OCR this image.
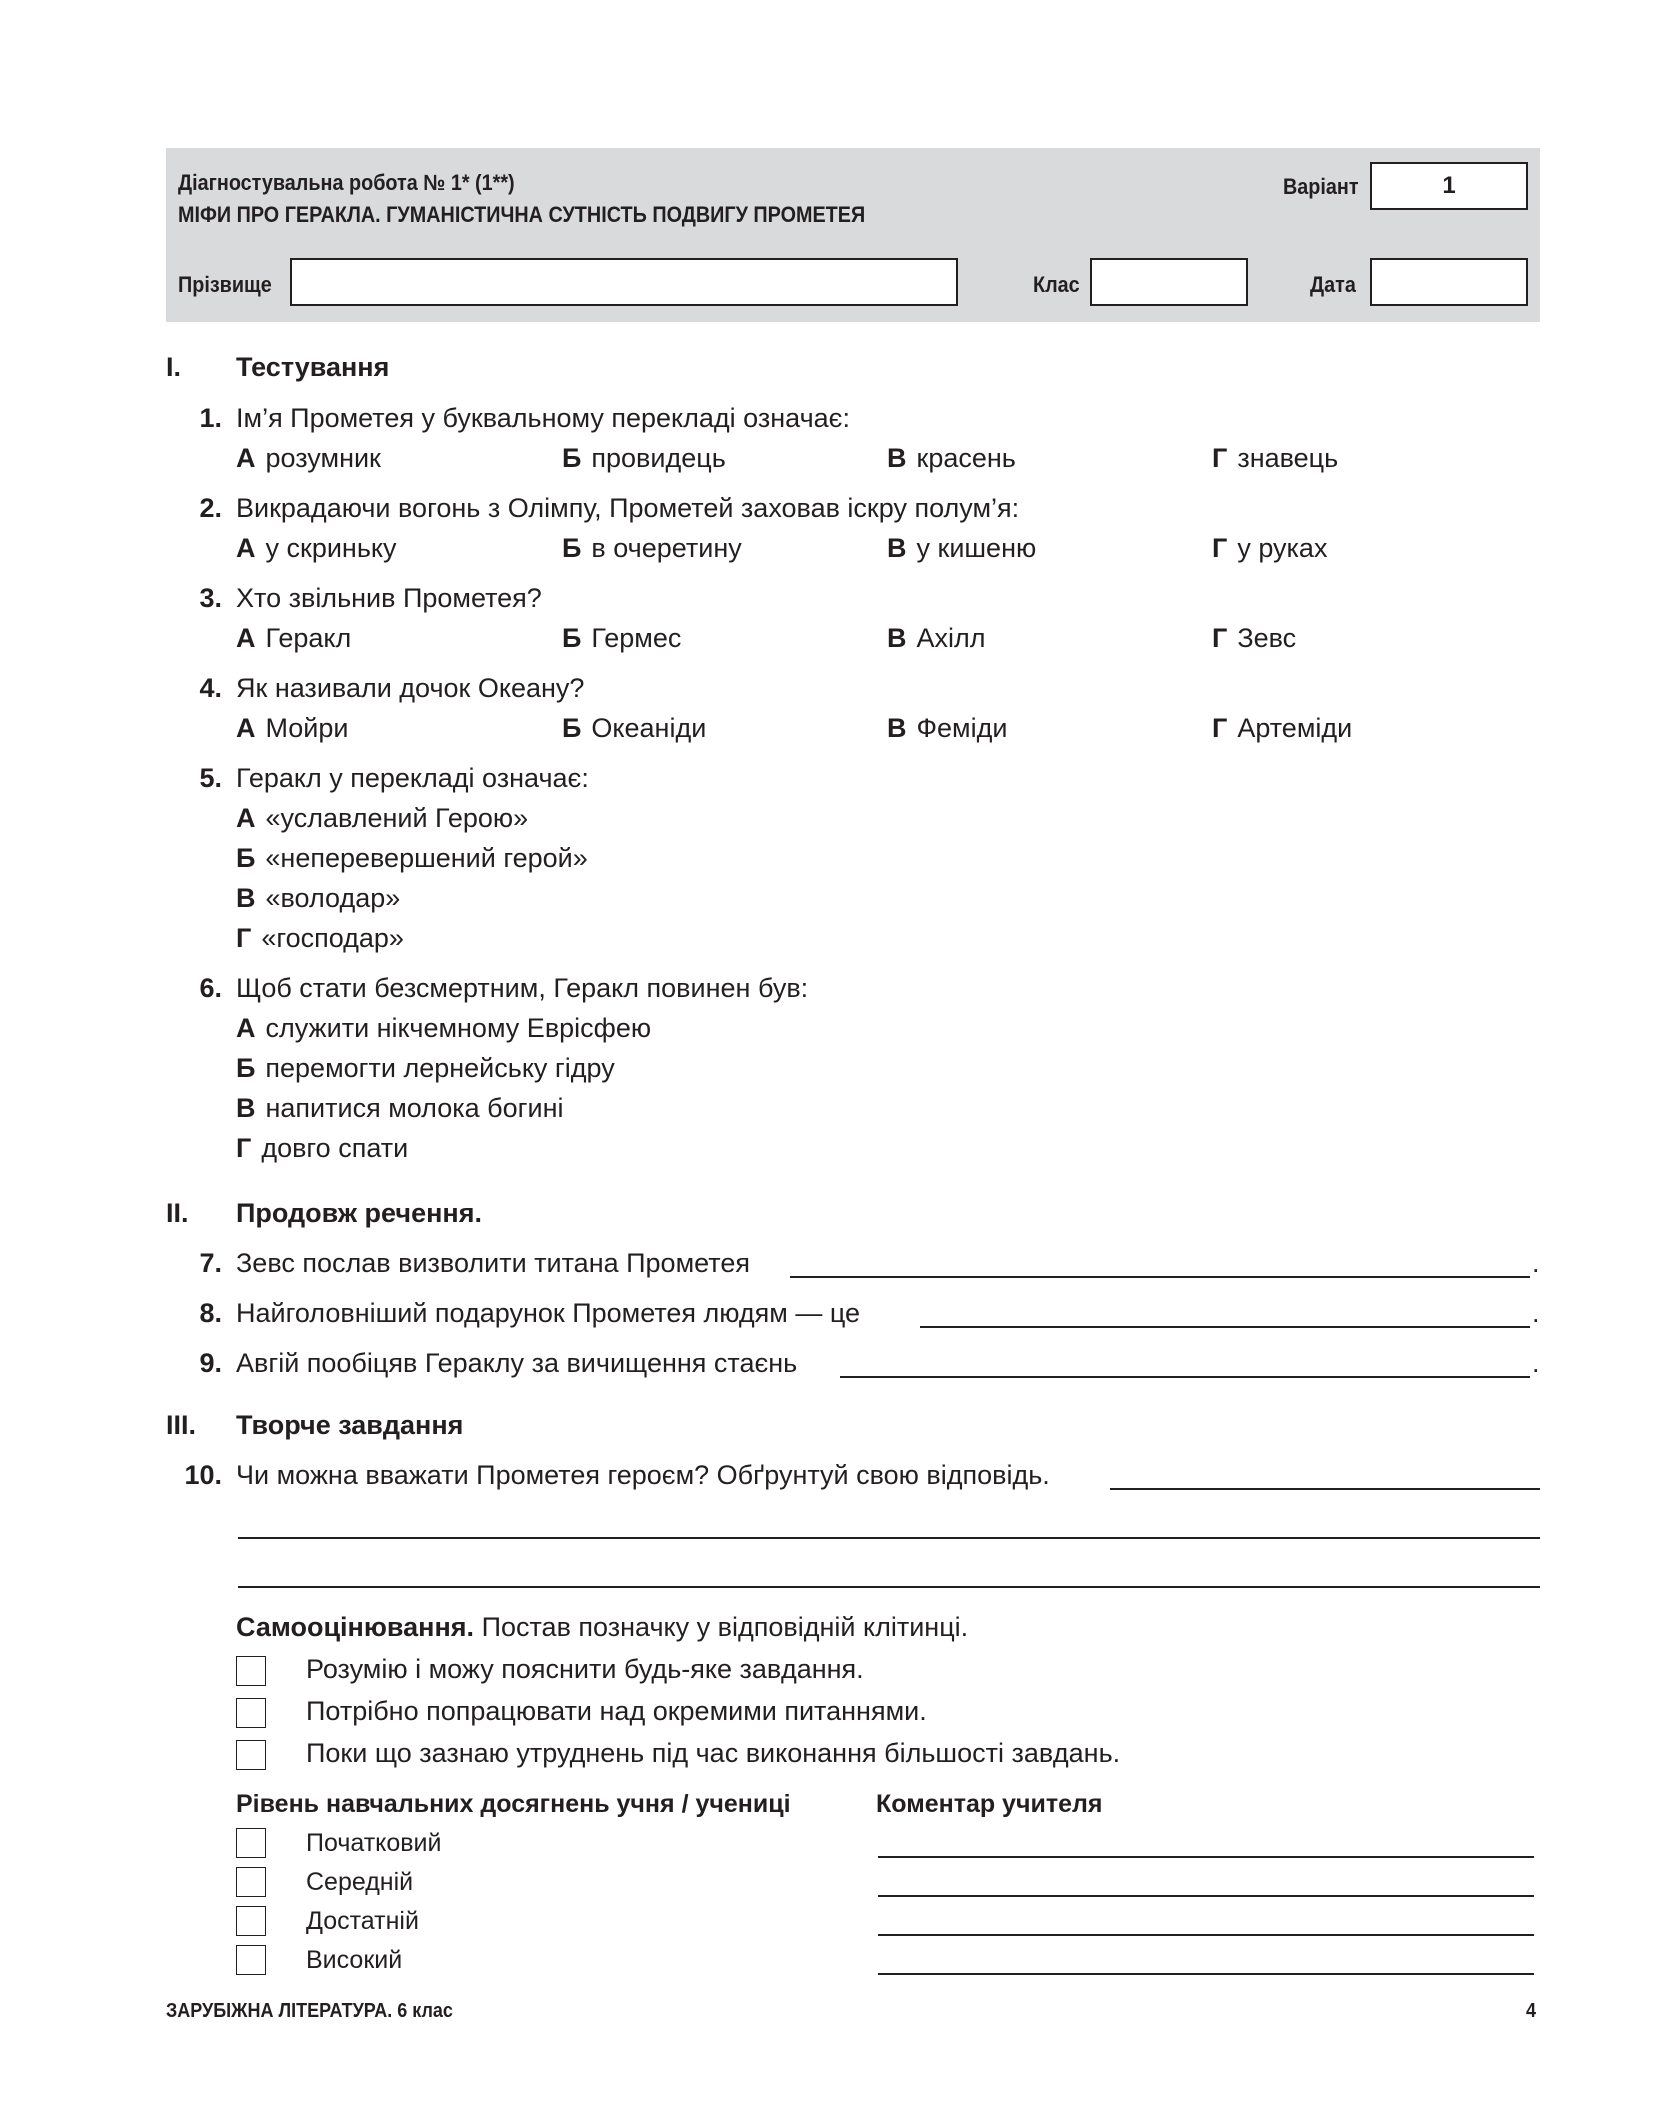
Діагностувальна робота № 1* (1**)
МІФИ ПРО ГЕРАКЛА. ГУМАНІСТИЧНА СУТНІСТЬ ПОДВИГУ ПРОМЕТЕЯ
Варіант	1
Прізвище	Клас	Дата
I. Тестування
1. Ім’я Прометея у буквальному перекладі означає:
А розумник	Б провидець	В красень	Г знавець
2. Викрадаючи вогонь з Олімпу, Прометей заховав іскру полум’я:
А у скриньку	Б в очеретину	В у кишеню	Г у руках
3. Хто звільнив Прометея?
А Геракл	Б Гермес	В Ахілл	Г Зевс
4. Як називали дочок Океану?
А Мойри	Б Океаніди	В Феміди	Г Артеміди
5. Геракл у перекладі означає:
А «уславлений Герою»
Б «неперевершений герой»
В «володар»
Г «господар»
6. Щоб стати безсмертним, Геракл повинен був:
А служити нікчемному Еврісфею
Б перемогти лернейську гідру
В напитися молока богині
Г довго спати
II. Продовж речення.
7. Зевс послав визволити титана Прометея	.
8. Найголовніший подарунок Прометея людям — це	.
9. Авгій пообіцяв Гераклу за вичищення стаєнь	.
III. Творче завдання
10. Чи можна вважати Прометея героєм? Обґрунтуй свою відповідь.
Самооцінювання. Постав позначку у відповідній клітинці.
Розумію і можу пояснити будь-яке завдання.
Потрібно попрацювати над окремими питаннями.
Поки що зазнаю утруднень під час виконання більшості завдань.
Рівень навчальних досягнень учня / учениці	Коментар учителя
Початковий
Середній
Достатній
Високий
ЗАРУБІЖНА ЛІТЕРАТУРА. 6 клас	4
